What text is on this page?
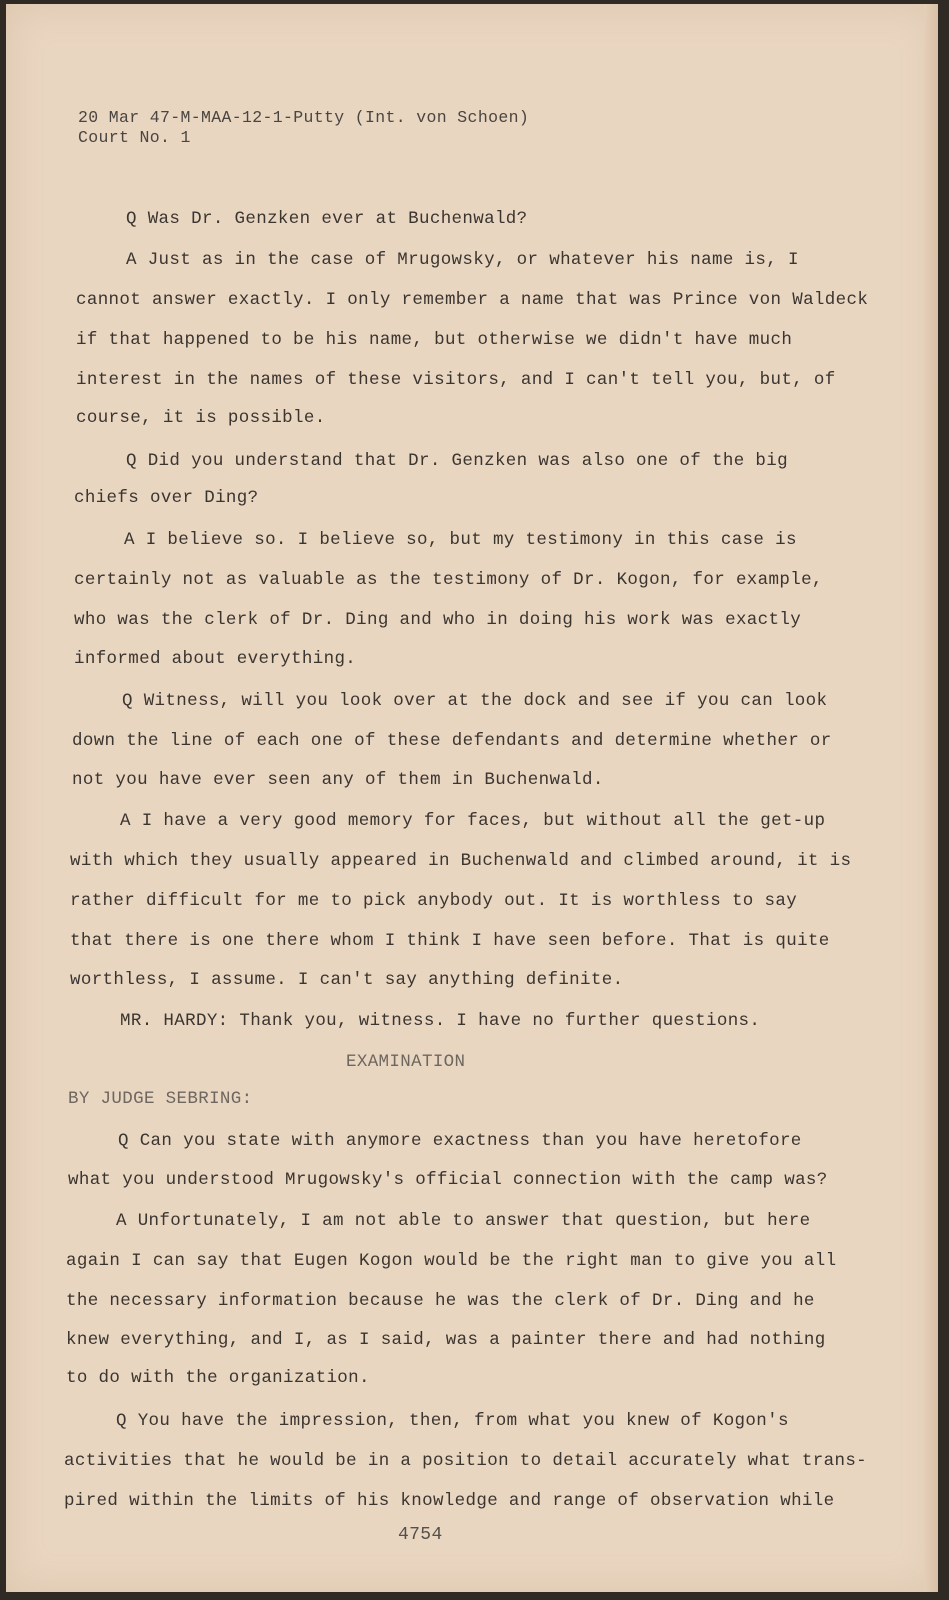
20 Mar 47-M-MAA-12-1-Putty (Int. von Schoen)
Court No. 1
Q Was Dr. Genzken ever at Buchenwald?
A Just as in the case of Mrugowsky, or whatever his name is, I
cannot answer exactly. I only remember a name that was Prince von Waldeck
if that happened to be his name, but otherwise we didn't have much
interest in the names of these visitors, and I can't tell you, but, of
course, it is possible.
Q Did you understand that Dr. Genzken was also one of the big
chiefs over Ding?
A I believe so. I believe so, but my testimony in this case is
certainly not as valuable as the testimony of Dr. Kogon, for example,
who was the clerk of Dr. Ding and who in doing his work was exactly
informed about everything.
Q Witness, will you look over at the dock and see if you can look
down the line of each one of these defendants and determine whether or
not you have ever seen any of them in Buchenwald.
A I have a very good memory for faces, but without all the get-up
with which they usually appeared in Buchenwald and climbed around, it is
rather difficult for me to pick anybody out. It is worthless to say
that there is one there whom I think I have seen before. That is quite
worthless, I assume. I can't say anything definite.
MR. HARDY: Thank you, witness. I have no further questions.
EXAMINATION
BY JUDGE SEBRING:
Q Can you state with anymore exactness than you have heretofore
what you understood Mrugowsky's official connection with the camp was?
A Unfortunately, I am not able to answer that question, but here
again I can say that Eugen Kogon would be the right man to give you all
the necessary information because he was the clerk of Dr. Ding and he
knew everything, and I, as I said, was a painter there and had nothing
to do with the organization.
Q You have the impression, then, from what you knew of Kogon's
activities that he would be in a position to detail accurately what trans-
pired within the limits of his knowledge and range of observation while
4754
